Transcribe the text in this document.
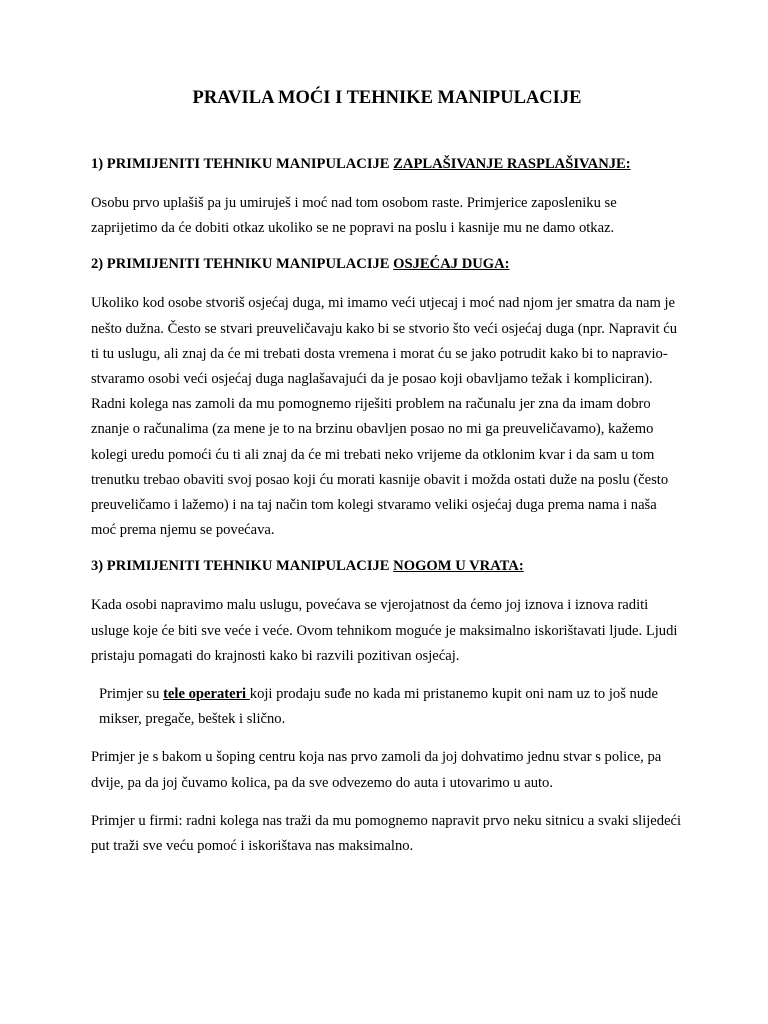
PRAVILA MOĆI I TEHNIKE MANIPULACIJE
1) PRIMIJENITI TEHNIKU MANIPULACIJE ZAPLAŠIVANJE RASPLAŠIVANJE:

Osobu prvo uplašiš pa ju umiruješ i moć nad tom osobom raste. Primjerice zaposleniku se zaprijetimo da će dobiti otkaz ukoliko se ne popravi na poslu i kasnije mu ne damo otkaz.

2) PRIMIJENITI TEHNIKU MANIPULACIJE OSJEĆAJ DUGA:

Ukoliko kod osobe stvoriš osjećaj duga, mi imamo veći utjecaj i moć nad njom jer smatra da nam je nešto dužna. Često se stvari preuveličavaju kako bi se stvorio što veći osjećaj duga (npr. Napravit ću ti tu uslugu, ali znaj da će mi trebati dosta vremena i morat ću se jako potrudit kako bi to napravio- stvaramo osobi veći osjećaj duga naglašavajući da je posao koji obavljamo težak i kompliciran). Radni kolega nas zamoli da mu pomognemo riješiti problem na računalu jer zna da imam dobro znanje o računalima (za mene je to na brzinu obavljen posao no mi ga preuveličavamo), kažemo kolegi uredu pomoći ću ti ali znaj da će mi trebati neko vrijeme da otklonim kvar i da sam u tom trenutku trebao obaviti svoj posao koji ću morati kasnije obavit i možda ostati duže na poslu (često preuveličamo i lažemo) i na taj način tom kolegi stvaramo veliki osjećaj duga prema nama i naša moć prema njemu se povećava.

3) PRIMIJENITI TEHNIKU MANIPULACIJE NOGOM U VRATA:

Kada osobi napravimo malu uslugu, povećava se vjerojatnost da ćemo joj iznova i iznova raditi usluge koje će biti sve veće i veće. Ovom tehnikom moguće je maksimalno iskorištavati ljude. Ljudi pristaju pomagati do krajnosti kako bi razvili pozitivan osjećaj.

Primjer su tele operateri koji prodaju suđe no kada mi pristanemo kupit oni nam uz to još nude mikser, pregače, beštek i slično.

Primjer je s bakom u šoping centru koja nas prvo zamoli da joj dohvatimo jednu stvar s police, pa dvije, pa da joj čuvamo kolica, pa da sve odvezemo do auta i utovarimo u auto.

Primjer u firmi: radni kolega nas traži da mu pomognemo napravit prvo neku sitnicu a svaki slijedeći put traži sve veću pomoć i iskorištava nas maksimalno.
